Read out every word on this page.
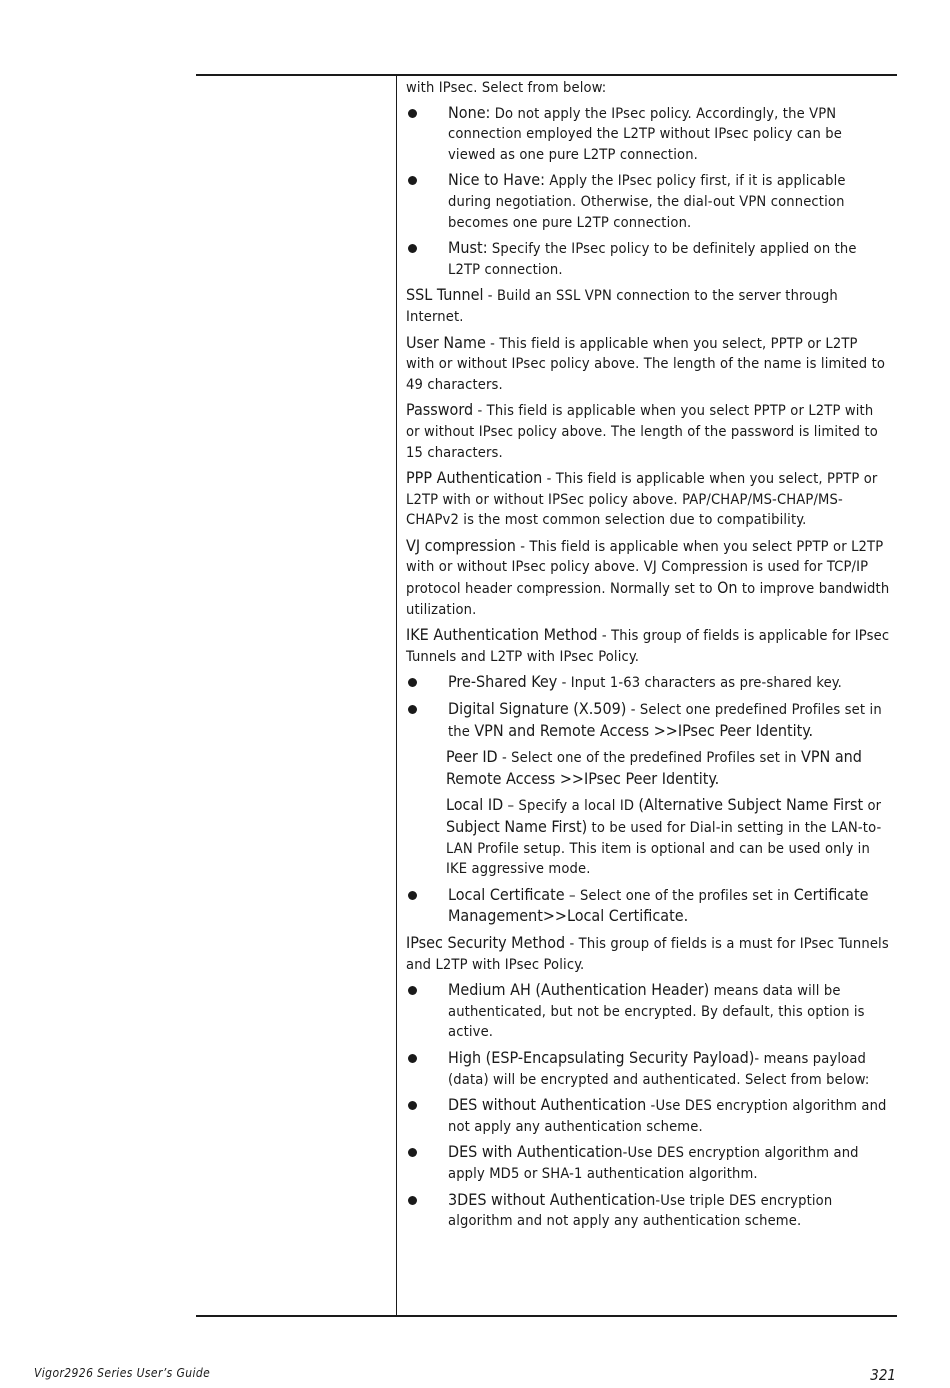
with IPsec. Select from below:

None: Do not apply the IPsec policy. Accordingly, the VPN connection employed the L2TP without IPsec policy can be viewed as one pure L2TP connection.
Nice to Have: Apply the IPsec policy first, if it is applicable during negotiation. Otherwise, the dial-out VPN connection becomes one pure L2TP connection.
Must: Specify the IPsec policy to be definitely applied on the L2TP connection.

SSL Tunnel - Build an SSL VPN connection to the server through Internet.

User Name - This field is applicable when you select, PPTP or L2TP with or without IPsec policy above. The length of the name is limited to 49 characters.

Password - This field is applicable when you select PPTP or L2TP with or without IPsec policy above. The length of the password is limited to 15 characters.

PPP Authentication - This field is applicable when you select, PPTP or L2TP with or without IPSec policy above. PAP/CHAP/MS-CHAP/MS-CHAPv2 is the most common selection due to compatibility.

VJ compression - This field is applicable when you select PPTP or L2TP with or without IPsec policy above. VJ Compression is used for TCP/IP protocol header compression. Normally set to On to improve bandwidth utilization.

IKE Authentication Method - This group of fields is applicable for IPsec Tunnels and L2TP with IPsec Policy.

Pre-Shared Key - Input 1-63 characters as pre-shared key.
Digital Signature (X.509) - Select one predefined Profiles set in the VPN and Remote Access >>IPsec Peer Identity.
Peer ID - Select one of the predefined Profiles set in VPN and Remote Access >>IPsec Peer Identity.
Local ID – Specify a local ID (Alternative Subject Name First or Subject Name First) to be used for Dial-in setting in the LAN-to-LAN Profile setup. This item is optional and can be used only in IKE aggressive mode.
Local Certificate – Select one of the profiles set in Certificate Management>>Local Certificate.

IPsec Security Method - This group of fields is a must for IPsec Tunnels and L2TP with IPsec Policy.

Medium AH (Authentication Header) means data will be authenticated, but not be encrypted. By default, this option is active.
High (ESP-Encapsulating Security Payload)- means payload (data) will be encrypted and authenticated. Select from below:
DES without Authentication -Use DES encryption algorithm and not apply any authentication scheme.
DES with Authentication-Use DES encryption algorithm and apply MD5 or SHA-1 authentication algorithm.
3DES without Authentication-Use triple DES encryption algorithm and not apply any authentication scheme.
Vigor2926 Series User’s Guide	321
